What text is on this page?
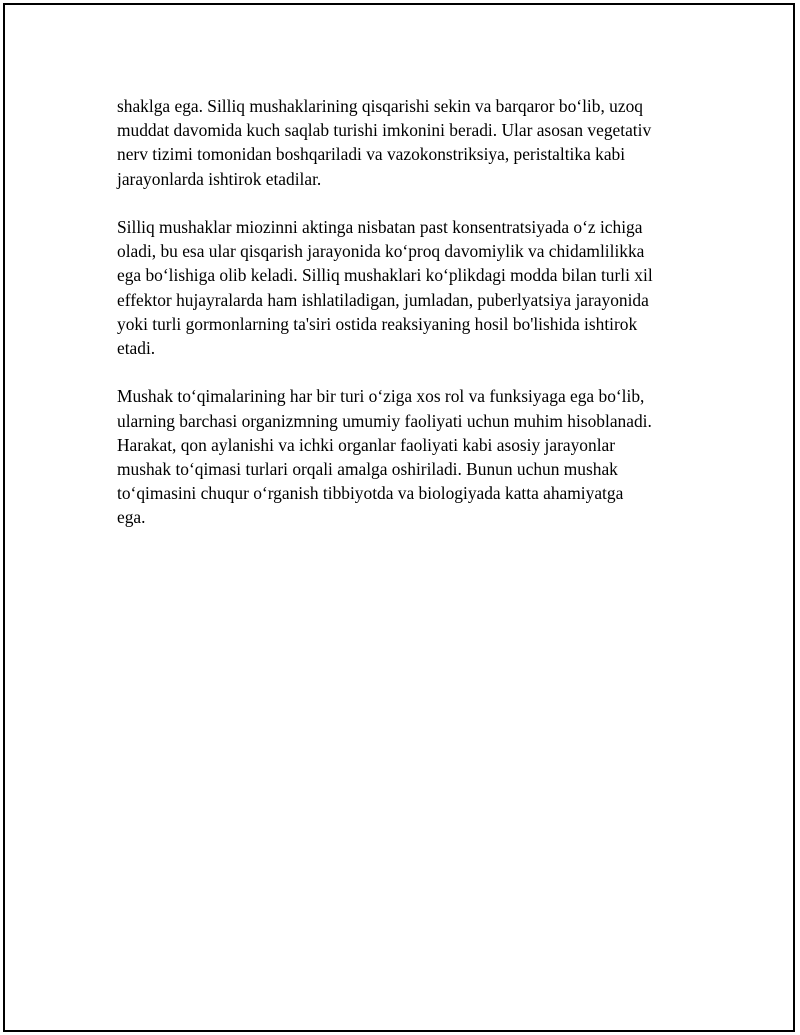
shaklga ega. Silliq mushaklarining qisqarishi sekin va barqaror bo‘lib, uzoq
muddat davomida kuch saqlab turishi imkonini beradi. Ular asosan vegetativ
nerv tizimi tomonidan boshqariladi va vazokonstriksiya, peristaltika kabi
jarayonlarda ishtirok etadilar.

Silliq mushaklar miozinni aktinga nisbatan past konsentratsiyada o‘z ichiga
oladi, bu esa ular qisqarish jarayonida ko‘proq davomiylik va chidamlilikka
ega bo‘lishiga olib keladi. Silliq mushaklari ko‘plikdagi modda bilan turli xil
effektor hujayralarda ham ishlatiladigan, jumladan, puberlyatsiya jarayonida
yoki turli gormonlarning ta'siri ostida reaksiyaning hosil bo'lishida ishtirok
etadi.

Mushak to‘qimalarining har bir turi o‘ziga xos rol va funksiyaga ega bo‘lib,
ularning barchasi organizmning umumiy faoliyati uchun muhim hisoblanadi.
Harakat, qon aylanishi va ichki organlar faoliyati kabi asosiy jarayonlar
mushak to‘qimasi turlari orqali amalga oshiriladi. Bunun uchun mushak
to‘qimasini chuqur o‘rganish tibbiyotda va biologiyada katta ahamiyatga
ega.
